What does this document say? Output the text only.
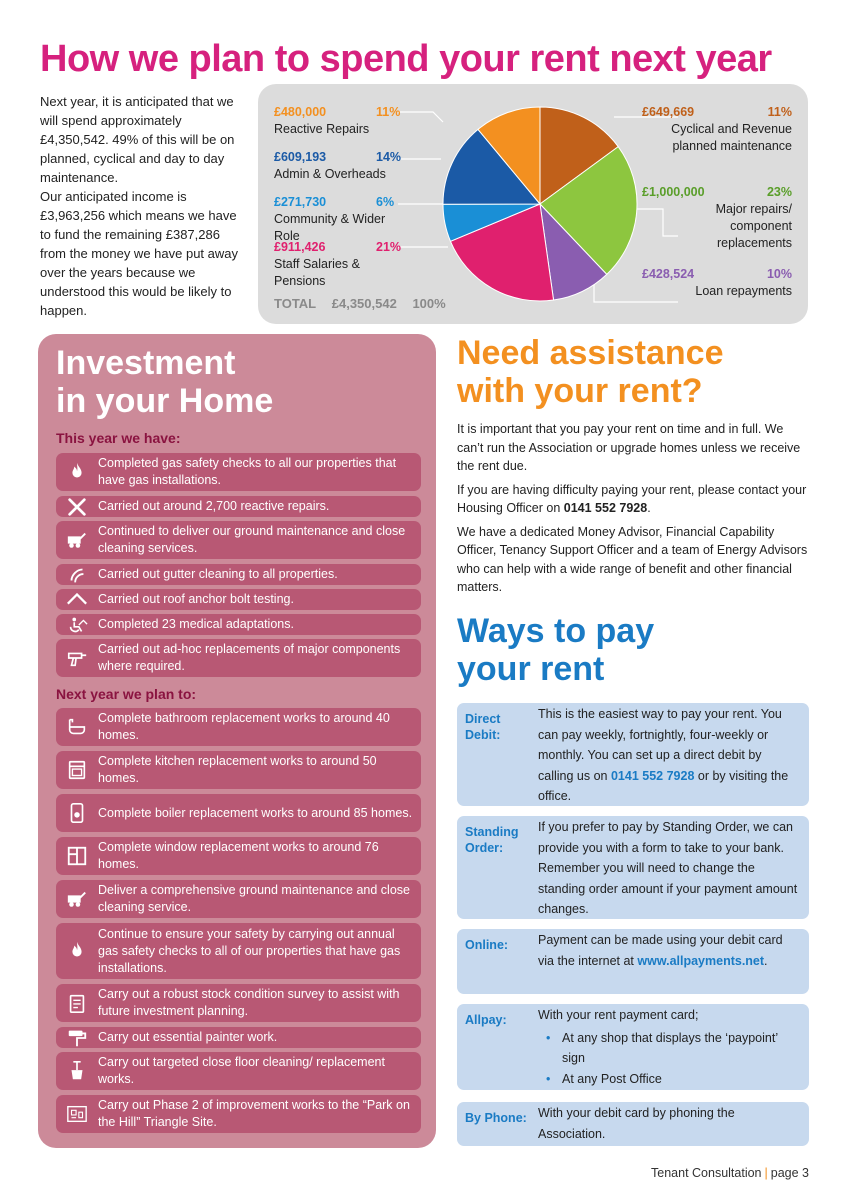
How we plan to spend your rent next year

Next year, it is anticipated that we will spend approximately £4,350,542. 49% of this will be on planned, cyclical and day to day maintenance.

Our anticipated income is £3,963,256 which means we have to fund the remaining £387,286 from the money we have put away over the years because we understood this would be likely to happen.

£480,000	11%
Reactive Repairs
£609,193	14%
Admin & Overheads
£271,730	6%
Community & Wider Role
£911,426	21%
Staff Salaries & Pensions
£649,669	11%
Cyclical and Revenue planned maintenance
£1,000,000	23%
Major repairs/ component replacements
£428,524	10%
Loan repayments
TOTAL £4,350,542 100%
Investment
in your Home
This year we have:
Next year we plan to:
Completed gas safety checks to all our properties that have gas installations.
Carried out around 2,700 reactive repairs.
Continued to deliver our ground maintenance and close cleaning services.
Carried out gutter cleaning to all properties.
Carried out roof anchor bolt testing.
Completed 23 medical adaptations.
Carried out ad-hoc replacements of major components where required.
Complete bathroom replacement works to around 40 homes.
Complete kitchen replacement works to around 50 homes.
Complete boiler replacement works to around 85 homes.
Complete window replacement works to around 76 homes.
Deliver a comprehensive ground maintenance and close cleaning service.
Continue to ensure your safety by carrying out annual gas safety checks to all of our properties that have gas installations.
Carry out a robust stock condition survey to assist with future investment planning.
Carry out essential painter work.
Carry out targeted close floor cleaning/ replacement works.
Carry out Phase 2 of improvement works to the “Park on the Hill” Triangle Site.
Need assistance
with your rent?

It is important that you pay your rent on time and in full. We can’t run the Association or upgrade homes unless we receive the rent due.

If you are having difficulty paying your rent, please contact your Housing Officer on 0141 552 7928.

We have a dedicated Money Advisor, Financial Capability Officer, Tenancy Support Officer and a team of Energy Advisors who can help with a wide range of benefit and other financial matters.

Ways to pay
your rent
Direct Debit:
This is the easiest way to pay your rent. You can pay weekly, fortnightly, four-weekly or monthly. You can set up a direct debit by calling us on 0141 552 7928 or by visiting the office.
Standing Order:
If you prefer to pay by Standing Order, we can provide you with a form to take to your bank. Remember you will need to change the standing order amount if your payment amount changes.
Online:	Payment can be made using your debit card via the internet at www.allpayments.net.
Allpay:	With your rent payment card;
• At any shop that displays the ‘paypoint’ sign
• At any Post Office
By Phone: With your debit card by phoning the Association.
Tenant Consultation | page 3
